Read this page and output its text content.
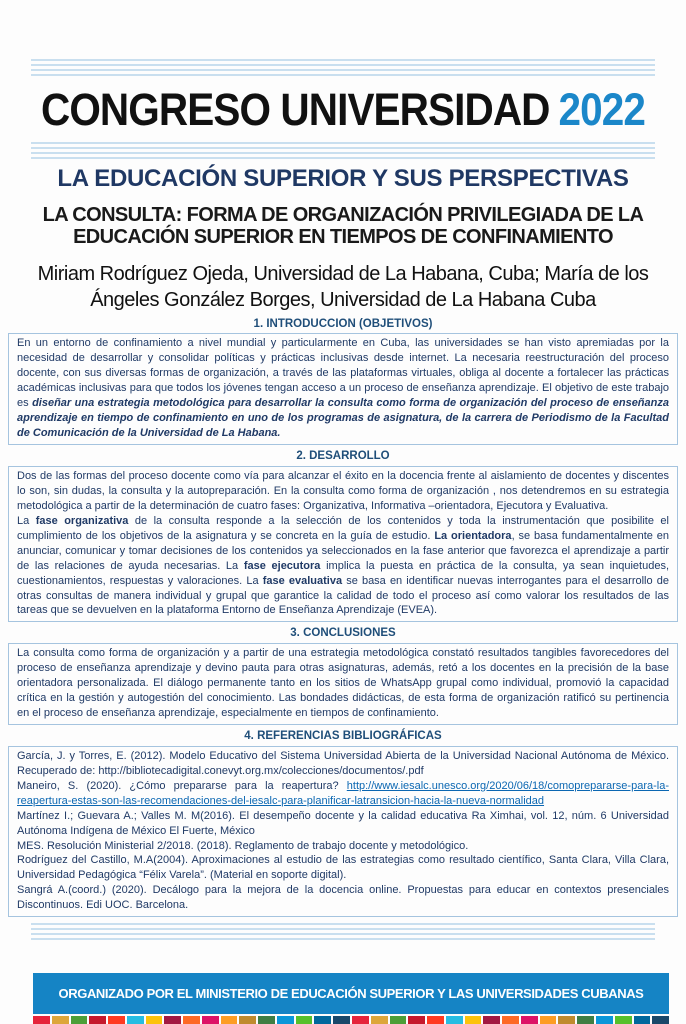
CONGRESO UNIVERSIDAD 2022
LA EDUCACIÓN SUPERIOR Y SUS PERSPECTIVAS
LA CONSULTA: FORMA DE ORGANIZACIÓN PRIVILEGIADA DE LA EDUCACIÓN SUPERIOR EN TIEMPOS DE CONFINAMIENTO
Miriam Rodríguez Ojeda, Universidad de La Habana, Cuba; María de los Ángeles González Borges, Universidad de La Habana Cuba
1. INTRODUCCION (OBJETIVOS)

En un entorno de confinamiento a nivel mundial y particularmente en Cuba, las universidades se han visto apremiadas por la necesidad de desarrollar y consolidar políticas y prácticas inclusivas desde internet. La necesaria reestructuración del proceso docente, con sus diversas formas de organización, a través de las plataformas virtuales, obliga al docente a fortalecer las prácticas académicas inclusivas para que todos los jóvenes tengan acceso a un proceso de enseñanza aprendizaje. El objetivo de este trabajo es diseñar una estrategia metodológica para desarrollar la consulta como forma de organización del proceso de enseñanza aprendizaje en tiempo de confinamiento en uno de los programas de asignatura, de la carrera de Periodismo de la Facultad de Comunicación de la Universidad de La Habana.

2. DESARROLLO

Dos de las formas del proceso docente como vía para alcanzar el éxito en la docencia frente al aislamiento de docentes y discentes lo son, sin dudas, la consulta y la autopreparación. En la consulta como forma de organización , nos detendremos en su estrategia metodológica a partir de la determinación de cuatro fases: Organizativa, Informativa –orientadora, Ejecutora y Evaluativa.

La fase organizativa de la consulta responde a la selección de los contenidos y toda la instrumentación que posibilite el cumplimiento de los objetivos de la asignatura y se concreta en la guía de estudio. La orientadora, se basa fundamentalmente en anunciar, comunicar y tomar decisiones de los contenidos ya seleccionados en la fase anterior que favorezca el aprendizaje a partir de las relaciones de ayuda necesarias. La fase ejecutora implica la puesta en práctica de la consulta, ya sean inquietudes, cuestionamientos, respuestas y valoraciones. La fase evaluativa se basa en identificar nuevas interrogantes para el desarrollo de otras consultas de manera individual y grupal que garantice la calidad de todo el proceso así como valorar los resultados de las tareas que se devuelven en la plataforma Entorno de Enseñanza Aprendizaje (EVEA).

3. CONCLUSIONES

La consulta como forma de organización y a partir de una estrategia metodológica constató resultados tangibles favorecedores del proceso de enseñanza aprendizaje y devino pauta para otras asignaturas, además, retó a los docentes en la precisión de la base orientadora personalizada. El diálogo permanente tanto en los sitios de WhatsApp grupal como individual, promovió la capacidad crítica en la gestión y autogestión del conocimiento. Las bondades didácticas, de esta forma de organización ratificó su pertinencia en el proceso de enseñanza aprendizaje, especialmente en tiempos de confinamiento.

4. REFERENCIAS BIBLIOGRÁFICAS

García, J. y Torres, E. (2012). Modelo Educativo del Sistema Universidad Abierta de la Universidad Nacional Autónoma de México. Recuperado de: http://bibliotecadigital.conevyt.org.mx/colecciones/documentos/.pdf

Maneiro, S. (2020). ¿Cómo prepararse para la reapertura? http://www.iesalc.unesco.org/2020/06/18/comoprepararse-para-la-reapertura-estas-son-las-recomendaciones-del-iesalc-para-planificar-latransicion-hacia-la-nueva-normalidad

Martínez I.; Guevara A.; Valles M. M(2016). El desempeño docente y la calidad educativa Ra Ximhai, vol. 12, núm. 6 Universidad Autónoma Indígena de México El Fuerte, México

MES. Resolución Ministerial 2/2018. (2018). Reglamento de trabajo docente y metodológico.

Rodríguez del Castillo, M.A(2004). Aproximaciones al estudio de las estrategias como resultado científico, Santa Clara, Villa Clara, Universidad Pedagógica “Félix Varela”. (Material en soporte digital).

Sangrá A.(coord.) (2020). Decálogo para la mejora de la docencia online. Propuestas para educar en contextos presenciales Discontinuos. Edi UOC. Barcelona.

ORGANIZADO POR EL MINISTERIO DE EDUCACIÓN SUPERIOR Y LAS UNIVERSIDADES CUBANAS
